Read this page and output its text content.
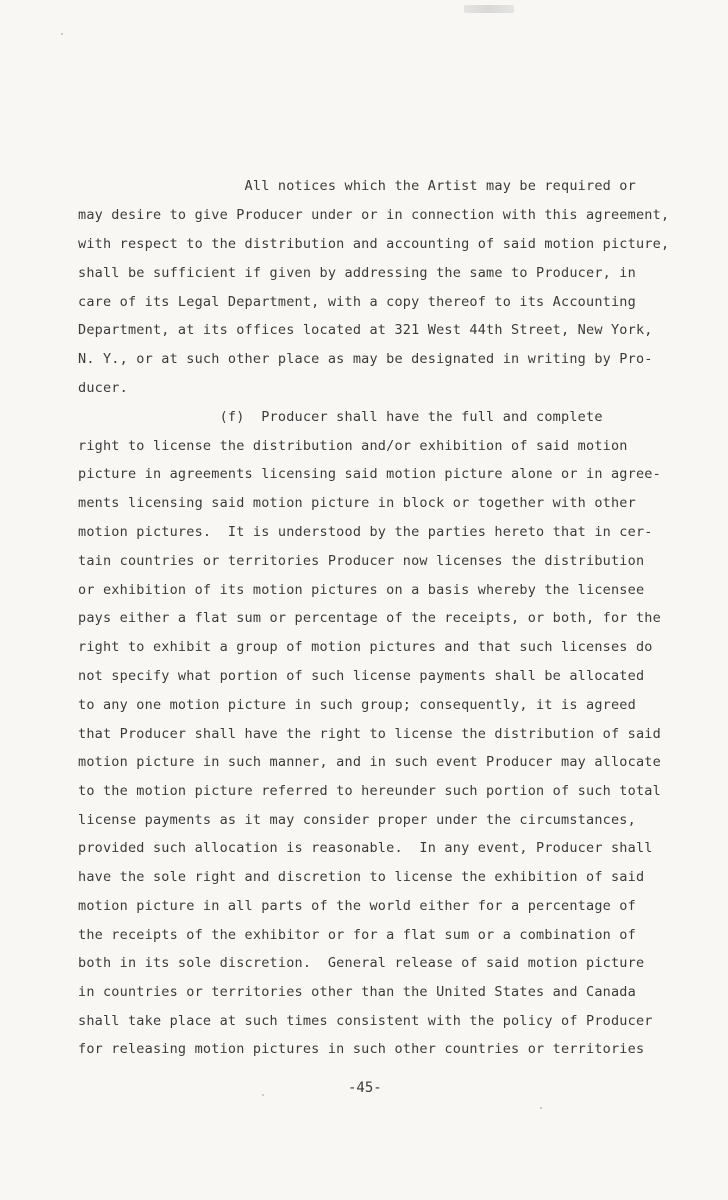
All notices which the Artist may be required or
may desire to give Producer under or in connection with this agreement,
with respect to the distribution and accounting of said motion picture,
shall be sufficient if given by addressing the same to Producer, in
care of its Legal Department, with a copy thereof to its Accounting
Department, at its offices located at 321 West 44th Street, New York,
N. Y., or at such other place as may be designated in writing by Pro-
ducer.
(f)  Producer shall have the full and complete
right to license the distribution and/or exhibition of said motion
picture in agreements licensing said motion picture alone or in agree-
ments licensing said motion picture in block or together with other
motion pictures.  It is understood by the parties hereto that in cer-
tain countries or territories Producer now licenses the distribution
or exhibition of its motion pictures on a basis whereby the licensee
pays either a flat sum or percentage of the receipts, or both, for the
right to exhibit a group of motion pictures and that such licenses do
not specify what portion of such license payments shall be allocated
to any one motion picture in such group; consequently, it is agreed
that Producer shall have the right to license the distribution of said
motion picture in such manner, and in such event Producer may allocate
to the motion picture referred to hereunder such portion of such total
license payments as it may consider proper under the circumstances,
provided such allocation is reasonable.  In any event, Producer shall
have the sole right and discretion to license the exhibition of said
motion picture in all parts of the world either for a percentage of
the receipts of the exhibitor or for a flat sum or a combination of
both in its sole discretion.  General release of said motion picture
in countries or territories other than the United States and Canada
shall take place at such times consistent with the policy of Producer
for releasing motion pictures in such other countries or territories
-45-
